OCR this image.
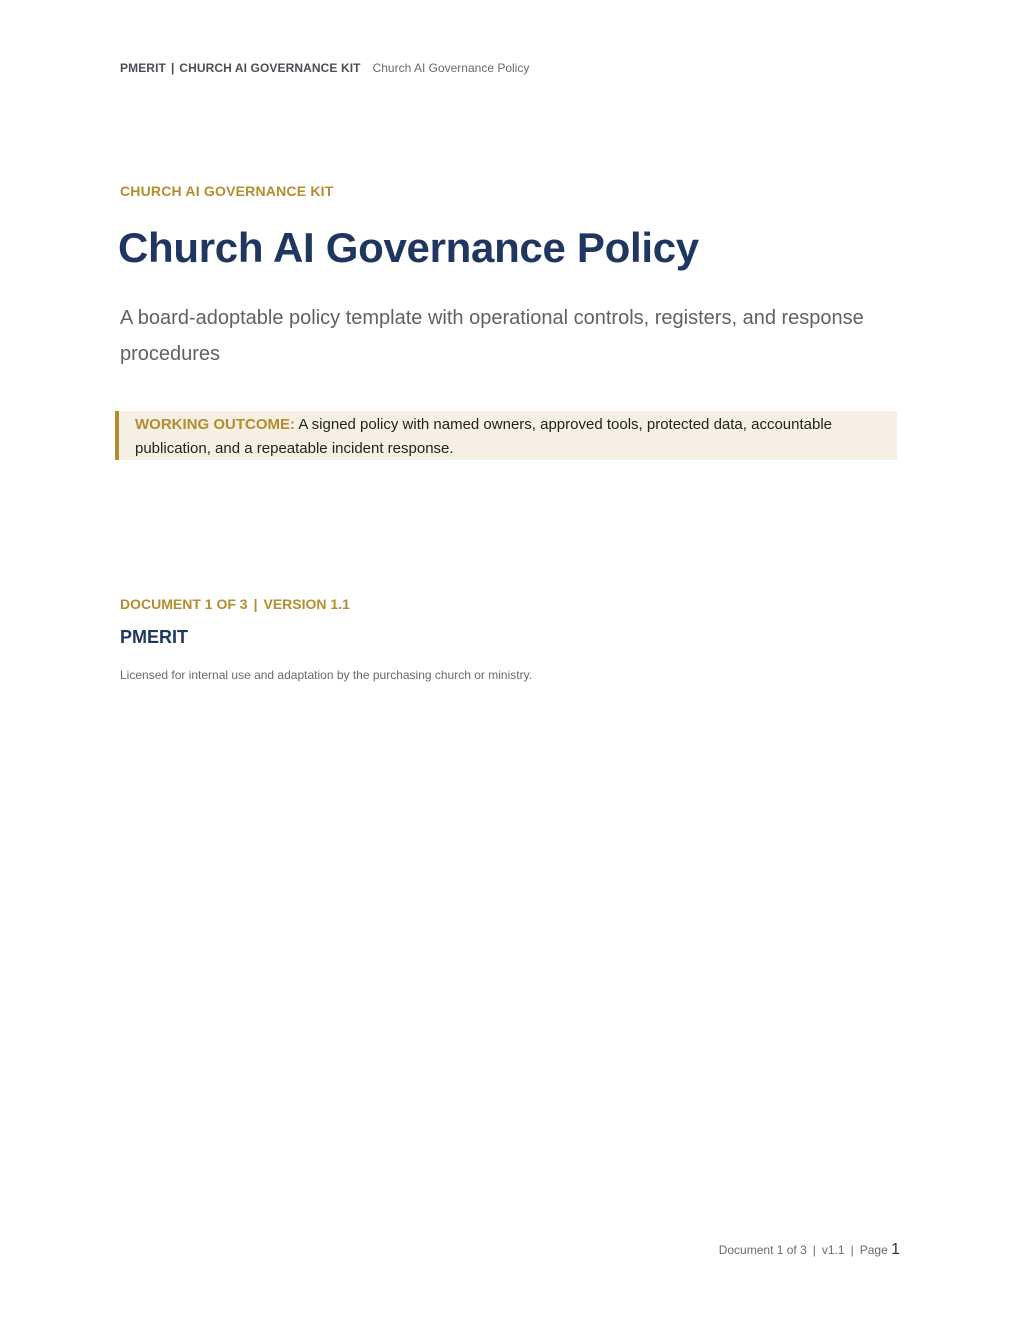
PMERIT | CHURCH AI GOVERNANCE KIT Church AI Governance Policy
CHURCH AI GOVERNANCE KIT
Church AI Governance Policy

A board-adoptable policy template with operational controls, registers, and response procedures

WORKING OUTCOME: A signed policy with named owners, approved tools, protected data, accountable publication, and a repeatable incident response.
DOCUMENT 1 OF 3 | VERSION 1.1
PMERIT
Licensed for internal use and adaptation by the purchasing church or ministry.
Document 1 of 3 | v1.1 | Page 1
